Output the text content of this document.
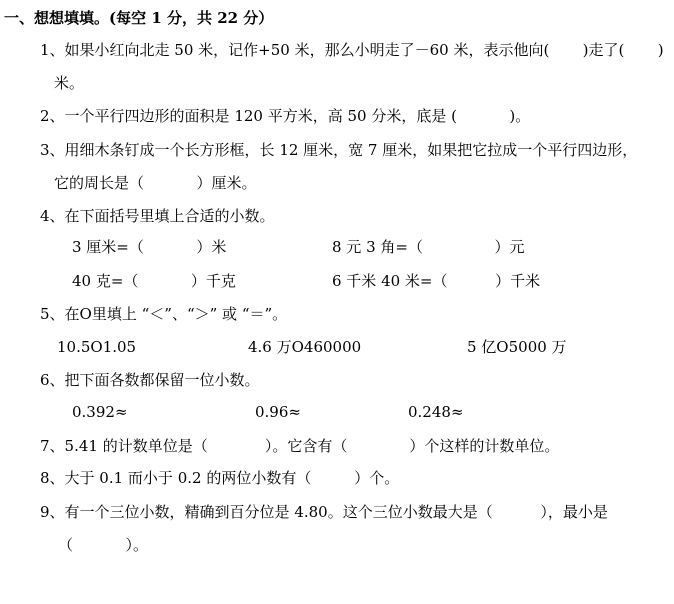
一、想想填填。(每空 1 分，共 22 分）
1、如果小红向北走 50 米，记作+50 米，那么小明走了－60 米，表示他向(       )走了(       )
米。
2、一个平行四边形的面积是 120 平方米，高 50 分米，底是 (           )。
3、用细木条钉成一个长方形框，长 12 厘米，宽 7 厘米，如果把它拉成一个平行四边形，
它的周长是（           ）厘米。
4、在下面括号里填上合适的小数。
3 厘米=（           ）米	8 元 3 角=（               ）元
40 克=（           ）千克	6 千米 40 米=（          ）千米
5、在O里填上 “＜”、“＞” 或 “＝”。
10.5O1.05	4.6 万O460000	5 亿O5000 万
6、把下面各数都保留一位小数。
0.392≈	0.96≈	0.248≈
7、5.41 的计数单位是（            ）。它含有（             ）个这样的计数单位。
8、大于 0.1 而小于 0.2 的两位小数有（         ）个。
9、有一个三位小数，精确到百分位是 4.80。这个三位小数最大是（          ），最小是
（           ）。
